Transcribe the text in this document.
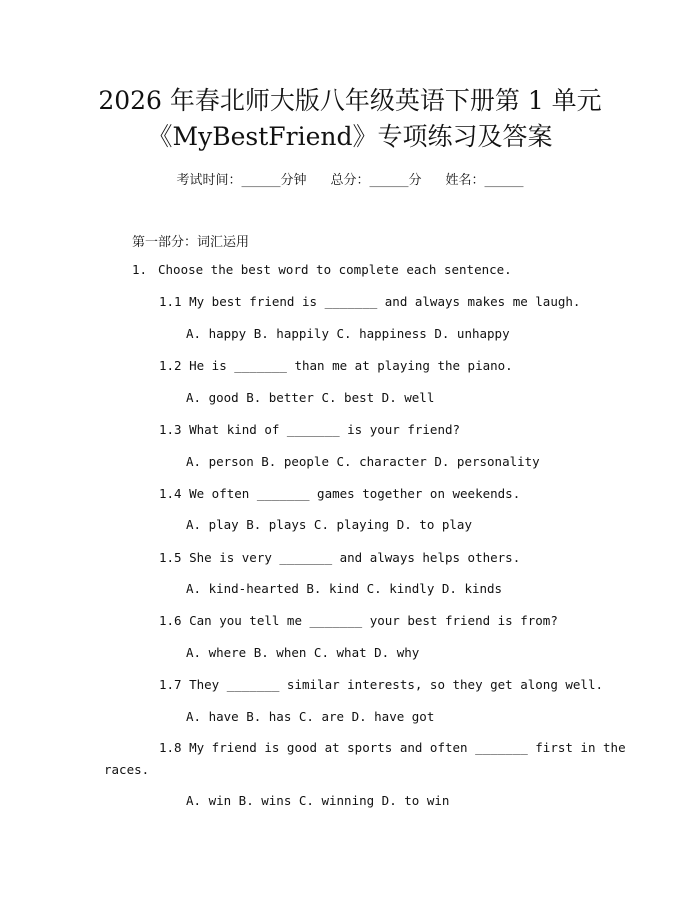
2026 年春北师大版八年级英语下册第 1 单元
《MyBestFriend》专项练习及答案
考试时间：______分钟 总分：______分 姓名：______
第一部分：词汇运用
1. Choose the best word to complete each sentence.
1.1 My best friend is _______ and always makes me laugh.
A. happy B. happily C. happiness D. unhappy
1.2 He is _______ than me at playing the piano.
A. good B. better C. best D. well
1.3 What kind of _______ is your friend?
A. person B. people C. character D. personality
1.4 We often _______ games together on weekends.
A. play B. plays C. playing D. to play
1.5 She is very _______ and always helps others.
A. kind-hearted B. kind C. kindly D. kinds
1.6 Can you tell me _______ your best friend is from?
A. where B. when C. what D. why
1.7 They _______ similar interests, so they get along well.
A. have B. has C. are D. have got
1.8 My friend is good at sports and often _______ first in the
races.
A. win B. wins C. winning D. to win
